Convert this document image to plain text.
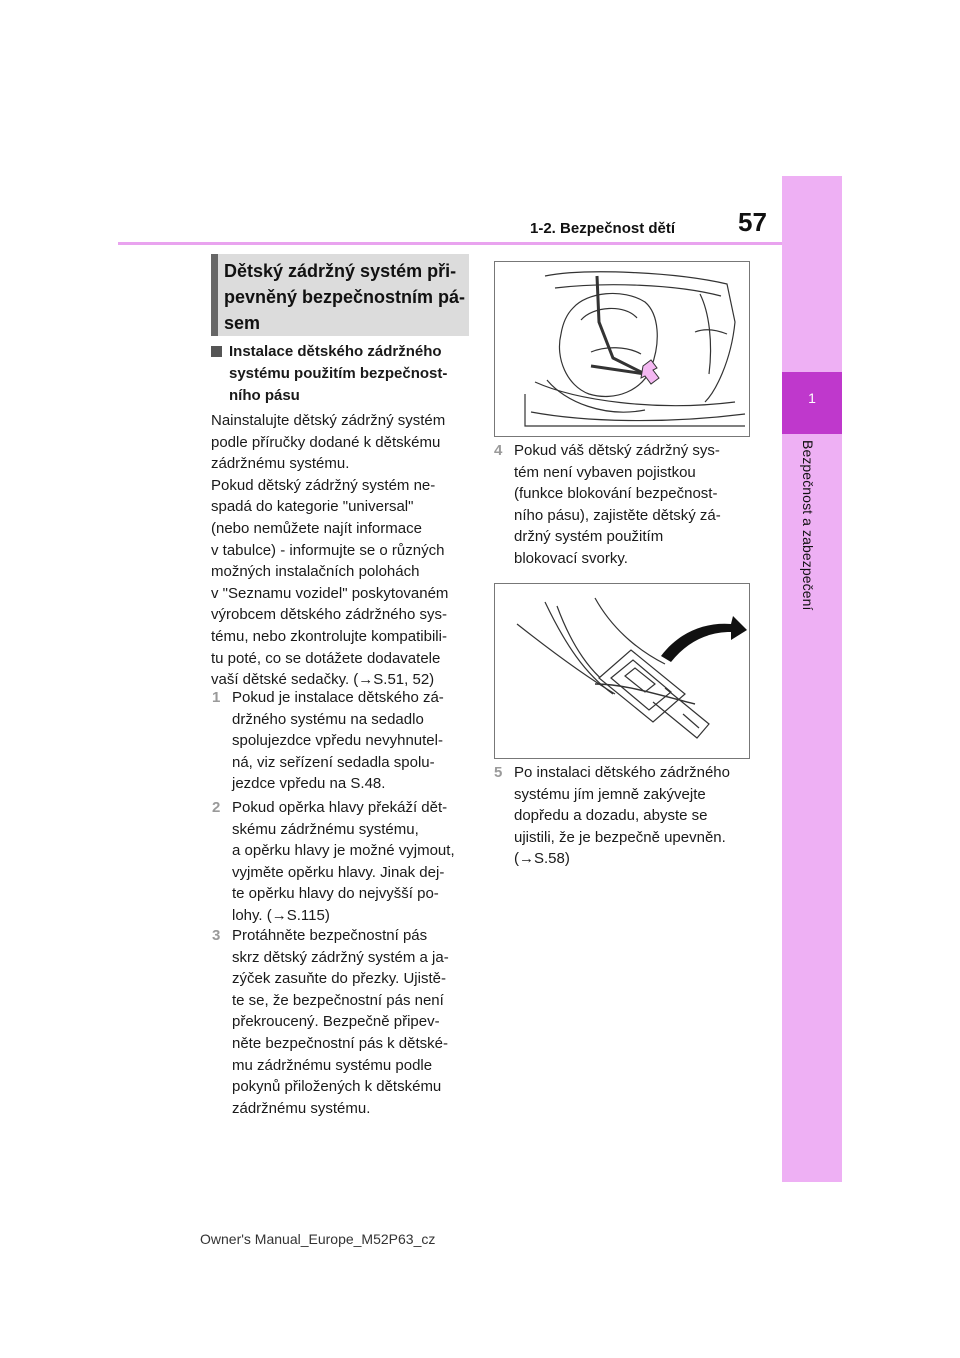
1-2. Bezpečnost dětí 57
1
Bezpečnost a zabezpečení
Dětský zádržný systém při-
pevněný bezpečnostním pá-
sem
Instalace dětského zádržného
systému použitím bezpečnost-
ního pásu
Nainstalujte dětský zádržný systém
podle příručky dodané k dětskému
zádržnému systému.
Pokud dětský zádržný systém ne-
spadá do kategorie "universal"
(nebo nemůžete najít informace
v tabulce) - informujte se o různých
možných instalačních polohách
v "Seznamu vozidel" poskytovaném
výrobcem dětského zádržného sys-
tému, nebo zkontrolujte kompatibili-
tu poté, co se dotážete dodavatele
vaší dětské sedačky. (→S.51, 52)
1 Pokud je instalace dětského zá-
držného systému na sedadlo
spolujezdce vpředu nevyhnutel-
ná, viz seřízení sedadla spolu-
jezdce vpředu na S.48.
2 Pokud opěrka hlavy překáží dět-
skému zádržnému systému,
a opěrku hlavy je možné vyjmout,
vyjměte opěrku hlavy. Jinak dej-
te opěrku hlavy do nejvyšší po-
lohy. (→S.115)
3 Protáhněte bezpečnostní pás
skrz dětský zádržný systém a ja-
zýček zasuňte do přezky. Ujistě-
te se, že bezpečnostní pás není
překroucený. Bezpečně připev-
něte bezpečnostní pás k dětské-
mu zádržnému systému podle
pokynů přiložených k dětskému
zádržnému systému.
4 Pokud váš dětský zádržný sys-
tém není vybaven pojistkou
(funkce blokování bezpečnost-
ního pásu), zajistěte dětský zá-
držný systém použitím
blokovací svorky.
5 Po instalaci dětského zádržného
systému jím jemně zakývejte
dopředu a dozadu, abyste se
ujistili, že je bezpečně upevněn.
(→S.58)
Owner's Manual_Europe_M52P63_cz
